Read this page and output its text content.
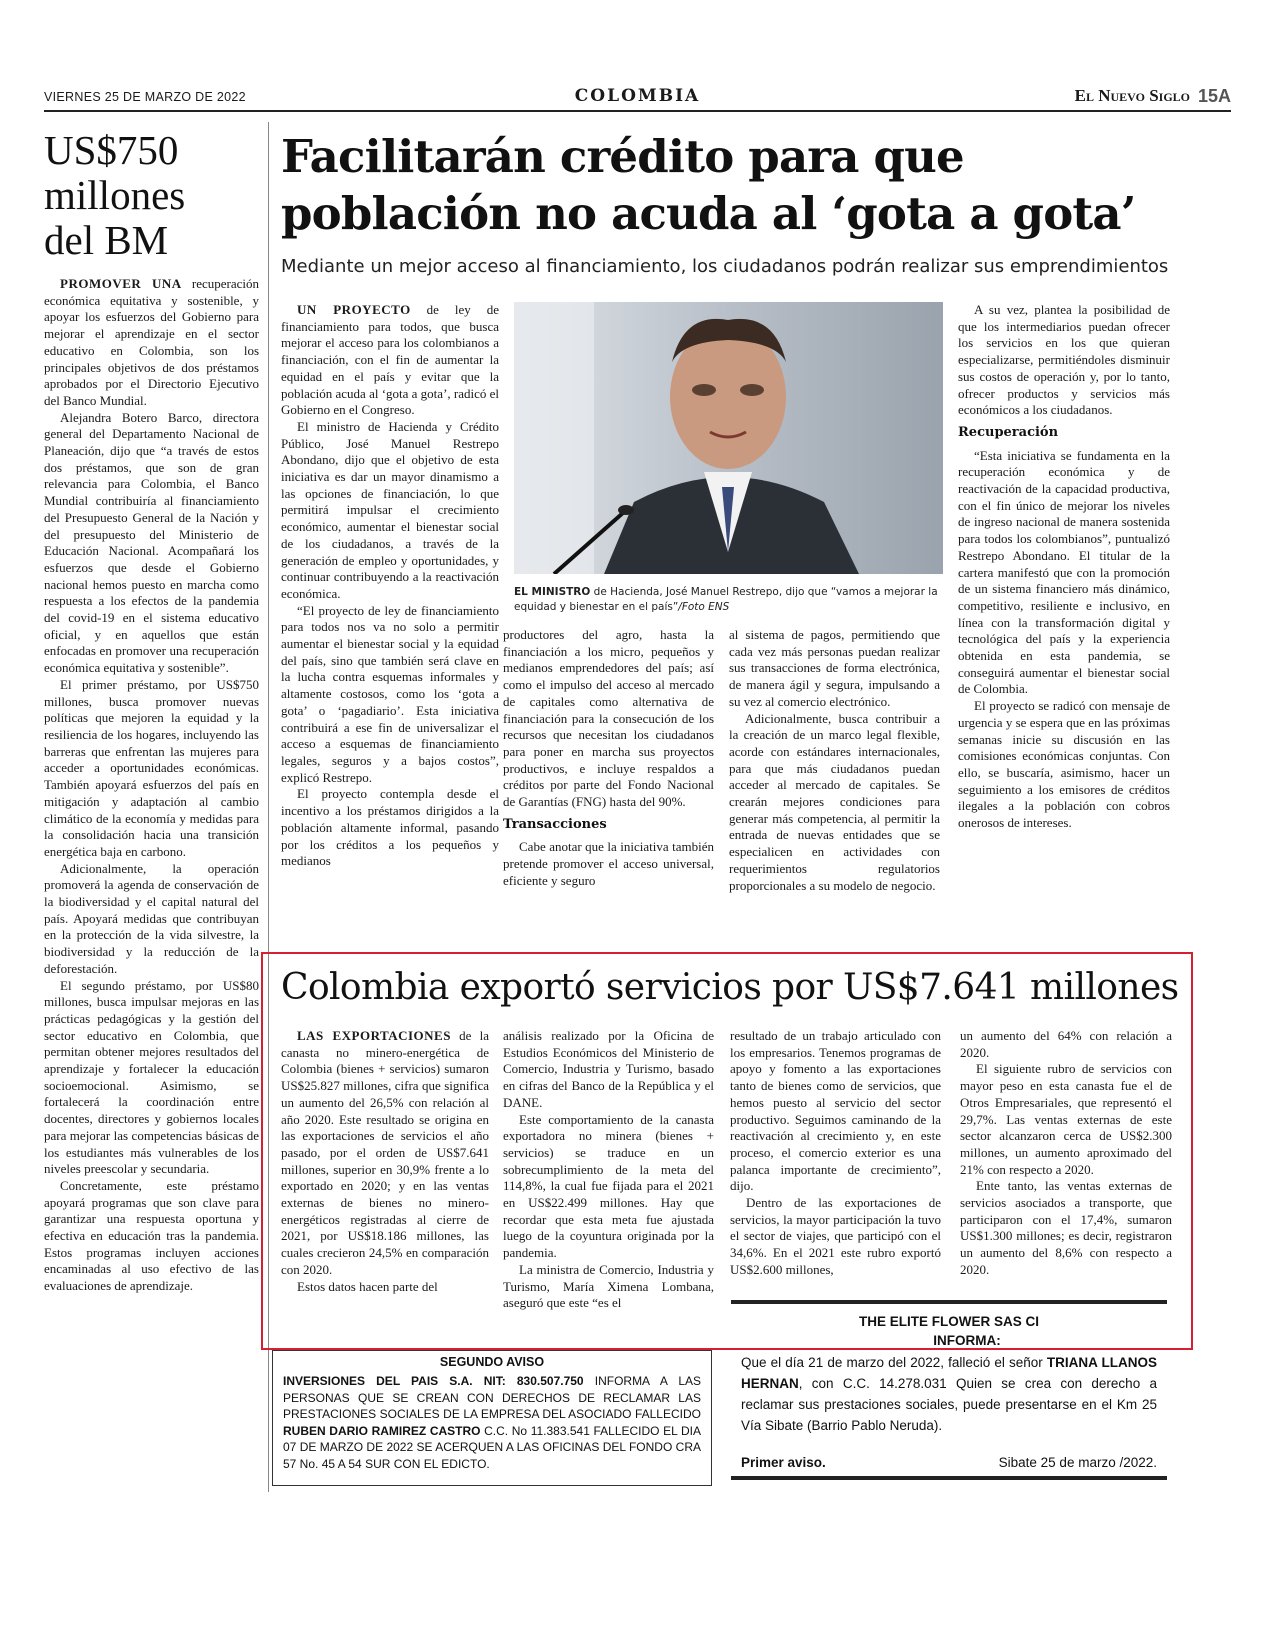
VIERNES 25 DE MARZO DE 2022	COLOMBIA	El Nuevo Siglo 15A
US$750
millones
del BM

PROMOVER UNA recuperación económica equitativa y sostenible, y apoyar los esfuerzos del Gobierno para mejorar el aprendizaje en el sector educativo en Colombia, son los principales objetivos de dos préstamos aprobados por el Directorio Ejecutivo del Banco Mundial.

Alejandra Botero Barco, directora general del Departamento Nacional de Planeación, dijo que “a través de estos dos préstamos, que son de gran relevancia para Colombia, el Banco Mundial contribuiría al financiamiento del Presupuesto General de la Nación y del presupuesto del Ministerio de Educación Nacional. Acompañará los esfuerzos que desde el Gobierno nacional hemos puesto en marcha como respuesta a los efectos de la pandemia del covid-19 en el sistema educativo oficial, y en aquellos que están enfocadas en promover una recuperación económica equitativa y sostenible”.

El primer préstamo, por US$750 millones, busca promover nuevas políticas que mejoren la equidad y la resiliencia de los hogares, incluyendo las barreras que enfrentan las mujeres para acceder a oportunidades económicas. También apoyará esfuerzos del país en mitigación y adaptación al cambio climático de la economía y medidas para la consolidación hacia una transición energética baja en carbono.

Adicionalmente, la operación promoverá la agenda de conservación de la biodiversidad y el capital natural del país. Apoyará medidas que contribuyan en la protección de la vida silvestre, la biodiversidad y la reducción de la deforestación.

El segundo préstamo, por US$80 millones, busca impulsar mejoras en las prácticas pedagógicas y la gestión del sector educativo en Colombia, que permitan obtener mejores resultados del aprendizaje y fortalecer la educación socioemocional. Asimismo, se fortalecerá la coordinación entre docentes, directores y gobiernos locales para mejorar las competencias básicas de los estudiantes más vulnerables de los niveles preescolar y secundaria.

Concretamente, este préstamo apoyará programas que son clave para garantizar una respuesta oportuna y efectiva en educación tras la pandemia. Estos programas incluyen acciones encaminadas al uso efectivo de las evaluaciones de aprendizaje.

Facilitarán crédito para que
población no acuda al ‘gota a gota’
Mediante un mejor acceso al financiamiento, los ciudadanos podrán realizar sus emprendimientos

UN PROYECTO de ley de financiamiento para todos, que busca mejorar el acceso para los colombianos a financiación, con el fin de aumentar la equidad en el país y evitar que la población acuda al ‘gota a gota’, radicó el Gobierno en el Congreso.

El ministro de Hacienda y Crédito Público, José Manuel Restrepo Abondano, dijo que el objetivo de esta iniciativa es dar un mayor dinamismo a las opciones de financiación, lo que permitirá impulsar el crecimiento económico, aumentar el bienestar social de los ciudadanos, a través de la generación de empleo y oportunidades, y continuar contribuyendo a la reactivación económica.

“El proyecto de ley de financiamiento para todos nos va no solo a permitir aumentar el bienestar social y la equidad del país, sino que también será clave en la lucha contra esquemas informales y altamente costosos, como los ‘gota a gota’ o ‘pagadiario’. Esta iniciativa contribuirá a ese fin de universalizar el acceso a esquemas de financiamiento legales, seguros y a bajos costos”, explicó Restrepo.

El proyecto contempla desde el incentivo a los préstamos dirigidos a la población altamente informal, pasando por los créditos a los pequeños y medianos

EL MINISTRO de Hacienda, José Manuel Restrepo, dijo que “vamos a mejorar la equidad y bienestar en el país”/Foto ENS

productores del agro, hasta la financiación a los micro, pequeños y medianos emprendedores del país; así como el impulso del acceso al mercado de capitales como alternativa de financiación para la consecución de los recursos que necesitan los ciudadanos para poner en marcha sus proyectos productivos, e incluye respaldos a créditos por parte del Fondo Nacional de Garantías (FNG) hasta del 90%.

Transacciones

Cabe anotar que la iniciativa también pretende promover el acceso universal, eficiente y seguro

al sistema de pagos, permitiendo que cada vez más personas puedan realizar sus transacciones de forma electrónica, de manera ágil y segura, impulsando a su vez al comercio electrónico.

Adicionalmente, busca contribuir a la creación de un marco legal flexible, acorde con estándares internacionales, para que más ciudadanos puedan acceder al mercado de capitales. Se crearán mejores condiciones para generar más competencia, al permitir la entrada de nuevas entidades que se especialicen en actividades con requerimientos regulatorios proporcionales a su modelo de negocio.

A su vez, plantea la posibilidad de que los intermediarios puedan ofrecer los servicios en los que quieran especializarse, permitiéndoles disminuir sus costos de operación y, por lo tanto, ofrecer productos y servicios más económicos a los ciudadanos.

Recuperación

“Esta iniciativa se fundamenta en la recuperación económica y de reactivación de la capacidad productiva, con el fin único de mejorar los niveles de ingreso nacional de manera sostenida para todos los colombianos”, puntualizó Restrepo Abondano. El titular de la cartera manifestó que con la promoción de un sistema financiero más dinámico, competitivo, resiliente e inclusivo, en línea con la transformación digital y tecnológica del país y la experiencia obtenida en esta pandemia, se conseguirá aumentar el bienestar social de Colombia.

El proyecto se radicó con mensaje de urgencia y se espera que en las próximas semanas inicie su discusión en las comisiones económicas conjuntas. Con ello, se buscaría, asimismo, hacer un seguimiento a los emisores de créditos ilegales a la población con cobros onerosos de intereses.

Colombia exportó servicios por US$7.641 millones

LAS EXPORTACIONES de la canasta no minero-energética de Colombia (bienes + servicios) sumaron US$25.827 millones, cifra que significa un aumento del 26,5% con relación al año 2020. Este resultado se origina en las exportaciones de servicios el año pasado, por el orden de US$7.641 millones, superior en 30,9% frente a lo exportado en 2020; y en las ventas externas de bienes no minero-energéticos registradas al cierre de 2021, por US$18.186 millones, las cuales crecieron 24,5% en comparación con 2020.

Estos datos hacen parte del

análisis realizado por la Oficina de Estudios Económicos del Ministerio de Comercio, Industria y Turismo, basado en cifras del Banco de la República y el DANE.

Este comportamiento de la canasta exportadora no minera (bienes + servicios) se traduce en un sobrecumplimiento de la meta del 114,8%, la cual fue fijada para el 2021 en US$22.499 millones. Hay que recordar que esta meta fue ajustada luego de la coyuntura originada por la pandemia.

La ministra de Comercio, Industria y Turismo, María Ximena Lombana, aseguró que este “es el

resultado de un trabajo articulado con los empresarios. Tenemos programas de apoyo y fomento a las exportaciones tanto de bienes como de servicios, que hemos puesto al servicio del sector productivo. Seguimos caminando de la reactivación al crecimiento y, en este proceso, el comercio exterior es una palanca importante de crecimiento”, dijo.

Dentro de las exportaciones de servicios, la mayor participación la tuvo el sector de viajes, que participó con el 34,6%. En el 2021 este rubro exportó US$2.600 millones,

un aumento del 64% con relación a 2020.

El siguiente rubro de servicios con mayor peso en esta canasta fue el de Otros Empresariales, que representó el 29,7%. Las ventas externas de este sector alcanzaron cerca de US$2.300 millones, un aumento aproximado del 21% con respecto a 2020.

Ente tanto, las ventas externas de servicios asociados a transporte, que participaron con el 17,4%, sumaron US$1.300 millones; es decir, registraron un aumento del 8,6% con respecto a 2020.

SEGUNDO AVISO
INVERSIONES DEL PAIS S.A. NIT: 830.507.750 INFORMA A LAS PERSONAS QUE SE CREAN CON DERECHOS DE RECLAMAR LAS PRESTACIONES SOCIALES DE LA EMPRESA DEL ASOCIADO FALLECIDO RUBEN DARIO RAMIREZ CASTRO C.C. No 11.383.541 FALLECIDO EL DIA 07 DE MARZO DE 2022 SE ACERQUEN A LAS OFICINAS DEL FONDO CRA 57 No. 45 A 54 SUR CON EL EDICTO.
THE ELITE FLOWER SAS CI
INFORMA:
Que el día 21 de marzo del 2022, falleció el señor TRIANA LLANOS HERNAN, con C.C. 14.278.031 Quien se crea con derecho a reclamar sus prestaciones sociales, puede presentarse en el Km 25 Vía Sibate (Barrio Pablo Neruda).
Primer aviso.	Sibate 25 de marzo /2022.
